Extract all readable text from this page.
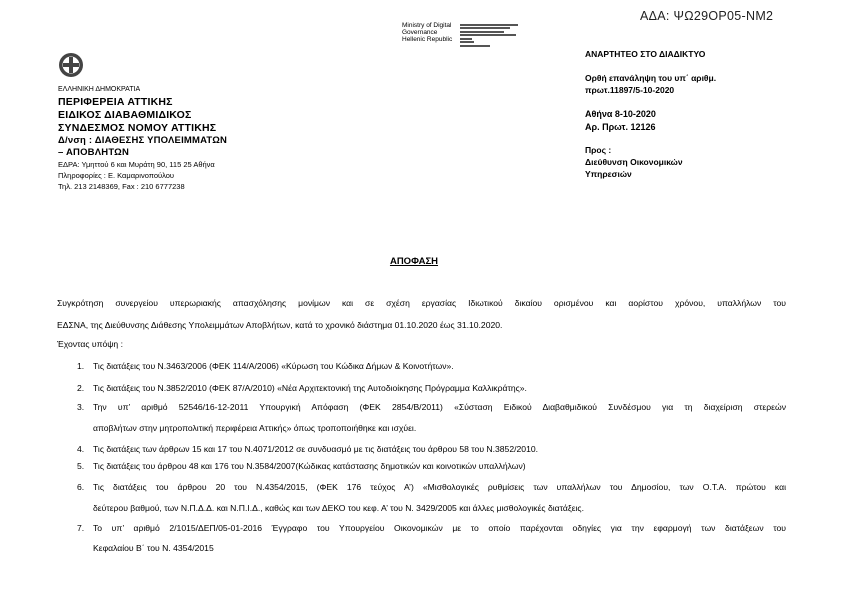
ΑΔΑ: ΨΩ29ΟΡ05-ΝΜ2
Ministry of Digital
Governance
Hellenic Republic
ΕΛΛΗΝΙΚΗ ΔΗΜΟΚΡΑΤΙΑ
ΠΕΡΙΦΕΡΕΙΑ ΑΤΤΙΚΗΣ
ΕΙΔΙΚΟΣ ΔΙΑΒΑΘΜΙΔΙΚΟΣ
ΣΥΝΔΕΣΜΟΣ ΝΟΜΟΥ ΑΤΤΙΚΗΣ
Δ/νση : ΔΙΑΘΕΣΗΣ ΥΠΟΛΕΙΜΜΑΤΩΝ
– ΑΠΟΒΛΗΤΩΝ
ΕΔΡΑ: Υμηττού 6 και Μυράτη 90, 115 25 Αθήνα
Πληροφορίες : Ε. Καμαρινοπούλου
Τηλ. 213 2148369, Fax : 210 6777238
ΑΝΑΡΤΗΤΕΟ ΣΤΟ ΔΙΑΔΙΚΤΥΟ
Ορθή επανάληψη του υπ΄ αριθμ.
πρωτ.11897/5-10-2020
Αθήνα 8-10-2020
Αρ. Πρωτ. 12126
Προς :
Διεύθυνση Οικονομικών
Υπηρεσιών
ΑΠΟΦΑΣΗ
Συγκρότηση συνεργείου υπερωριακής απασχόλησης μονίμων και σε σχέση εργασίας Ιδιωτικού δικαίου ορισμένου και αορίστου χρόνου, υπαλλήλων του
ΕΔΣΝΑ, της Διεύθυνσης Διάθεσης Υπολειμμάτων Αποβλήτων, κατά το χρονικό διάστημα 01.10.2020 έως 31.10.2020.
Έχοντας υπόψη :
1. Τις διατάξεις του Ν.3463/2006 (ΦΕΚ 114/Α/2006) «Κύρωση του Κώδικα Δήμων & Κοινοτήτων».
2. Τις διατάξεις του Ν.3852/2010 (ΦΕΚ 87/Α/2010) «Νέα Αρχιτεκτονική της Αυτοδιοίκησης Πρόγραμμα Καλλικράτης».
3. Την υπ’ αριθμό 52546/16-12-2011 Υπουργική Απόφαση (ΦΕΚ 2854/Β/2011) «Σύσταση Ειδικού Διαβαθμιδικού Συνδέσμου για τη διαχείριση στερεών
αποβλήτων στην μητροπολιτική περιφέρεια Αττικής» όπως τροποποιήθηκε και ισχύει.
4. Τις διατάξεις των άρθρων 15 και 17 του Ν.4071/2012 σε συνδυασμό με τις διατάξεις του άρθρου 58 του Ν.3852/2010.
5. Τις διατάξεις του άρθρου 48 και 176 του Ν.3584/2007(Κώδικας κατάστασης δημοτικών και κοινοτικών υπαλλήλων)
6. Τις διατάξεις του άρθρου 20 του Ν.4354/2015, (ΦΕΚ 176 τεύχος Α’) «Μισθολογικές ρυθμίσεις των υπαλλήλων του Δημοσίου, των Ο.Τ.Α. πρώτου και
δεύτερου βαθμού, των Ν.Π.Δ.Δ. και Ν.Π.Ι.Δ., καθώς και των ΔΕΚΟ του κεφ. Α’ του Ν. 3429/2005 και άλλες μισθολογικές διατάξεις.
7. Το υπ’ αριθμό 2/1015/ΔΕΠ/05-01-2016 Έγγραφο του Υπουργείου Οικονομικών με το οποίο παρέχονται οδηγίες για την εφαρμογή των διατάξεων του
Κεφαλαίου Β΄ του Ν. 4354/2015
